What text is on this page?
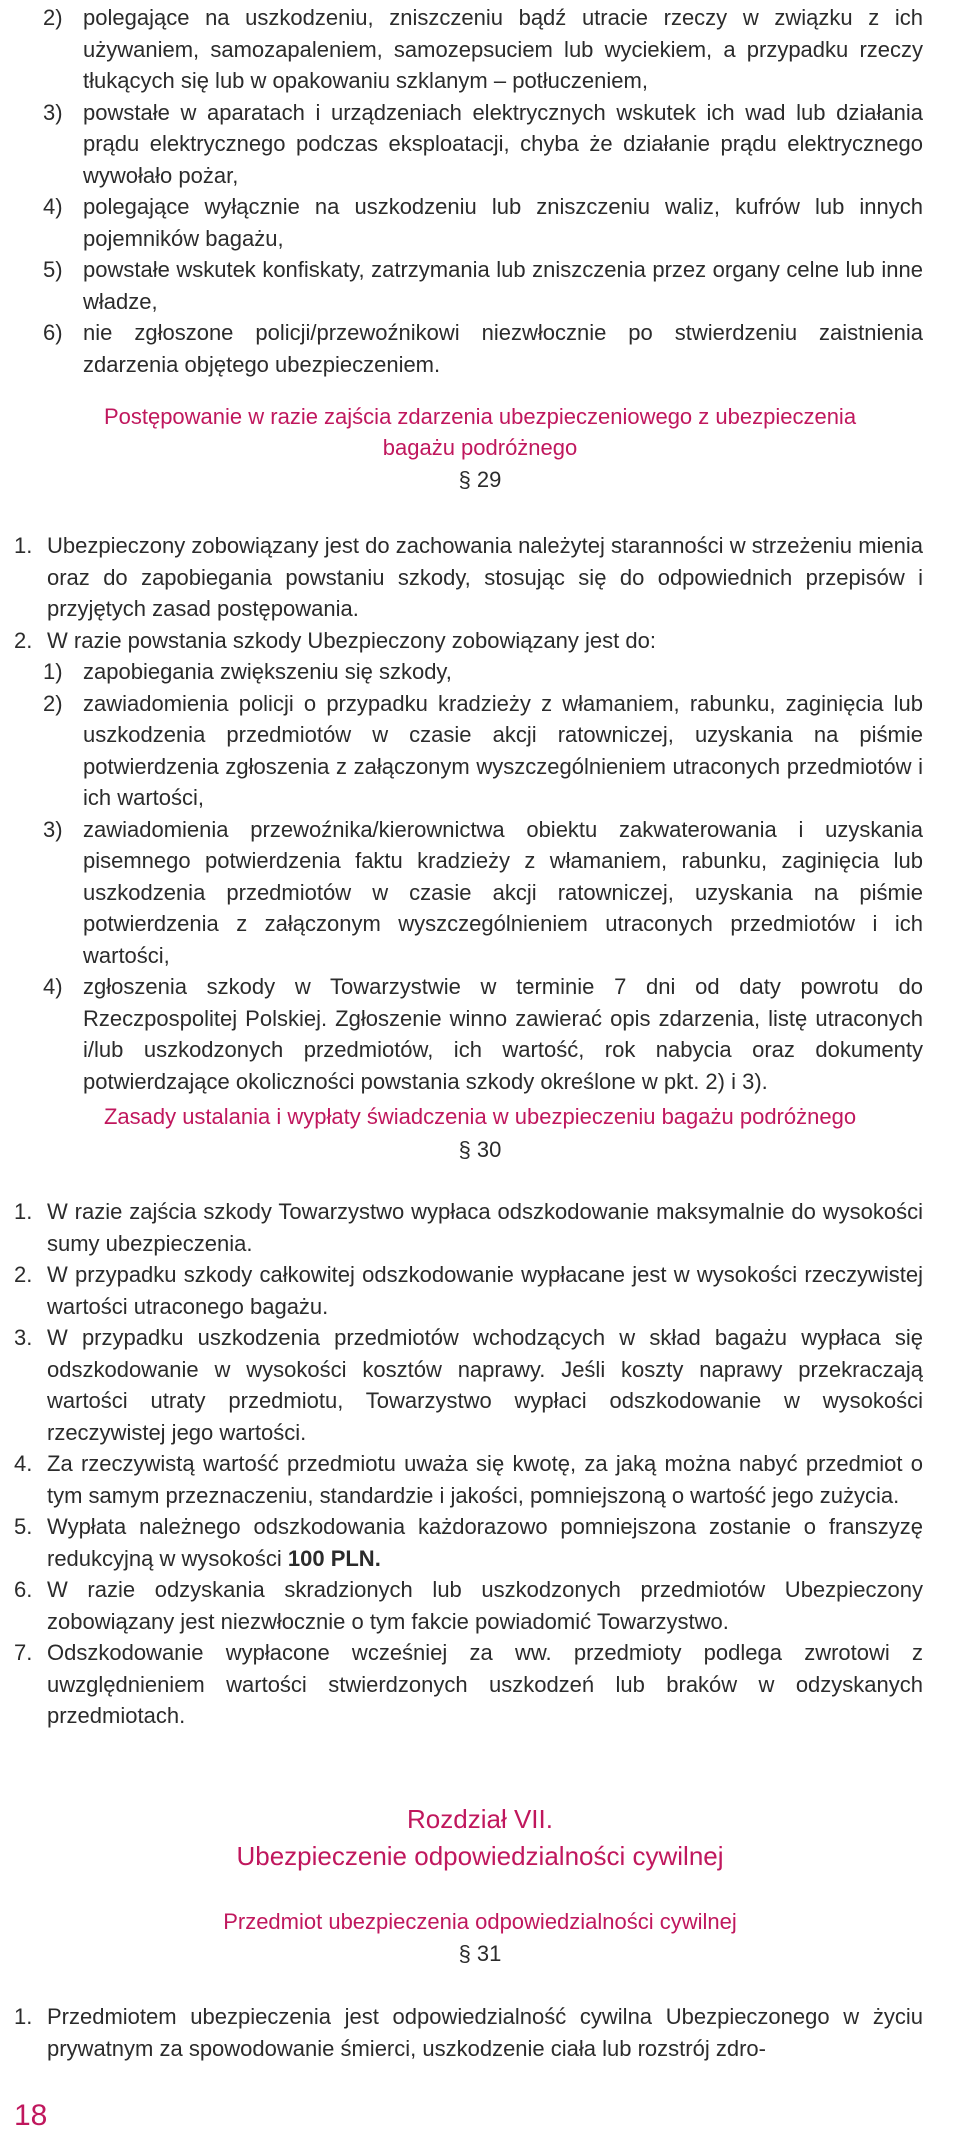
2) polegające na uszkodzeniu, zniszczeniu bądź utracie rzeczy w związku z ich używaniem, samozapaleniem, samozepsuciem lub wyciekiem, a przypadku rzeczy tłukących się lub w opakowaniu szklanym – potłuczeniem,
3) powstałe w aparatach i urządzeniach elektrycznych wskutek ich wad lub działania prądu elektrycznego podczas eksploatacji, chyba że działanie prądu elektrycznego wywołało pożar,
4) polegające wyłącznie na uszkodzeniu lub zniszczeniu waliz, kufrów lub innych pojemników bagażu,
5) powstałe wskutek konfiskaty, zatrzymania lub zniszczenia przez organy celne lub inne władze,
6) nie zgłoszone policji/przewoźnikowi niezwłocznie po stwierdzeniu zaistnienia zdarzenia objętego ubezpieczeniem.
Postępowanie w razie zajścia zdarzenia ubezpieczeniowego z ubezpieczenia
bagażu podróżnego
§ 29
1. Ubezpieczony zobowiązany jest do zachowania należytej staranności w strzeżeniu mienia oraz do zapobiegania powstaniu szkody, stosując się do odpowiednich przepisów i przyjętych zasad postępowania.
2. W razie powstania szkody Ubezpieczony zobowiązany jest do:
1) zapobiegania zwiększeniu się szkody,
2) zawiadomienia policji o przypadku kradzieży z włamaniem, rabunku, zaginięcia lub uszkodzenia przedmiotów w czasie akcji ratowniczej, uzyskania na piśmie potwierdzenia zgłoszenia z załączonym wyszczególnieniem utraconych przedmiotów i ich wartości,
3) zawiadomienia przewoźnika/kierownictwa obiektu zakwaterowania i uzyskania pisemnego potwierdzenia faktu kradzieży z włamaniem, rabunku, zaginięcia lub uszkodzenia przedmiotów w czasie akcji ratowniczej, uzyskania na piśmie potwierdzenia z załączonym wyszczególnieniem utraconych przedmiotów i ich wartości,
4) zgłoszenia szkody w Towarzystwie w terminie 7 dni od daty powrotu do Rzeczpospolitej Polskiej. Zgłoszenie winno zawierać opis zdarzenia, listę utraconych i/lub uszkodzonych przedmiotów, ich wartość, rok nabycia oraz dokumenty potwierdzające okoliczności powstania szkody określone w pkt. 2) i 3).
Zasady ustalania i wypłaty świadczenia w ubezpieczeniu bagażu podróżnego
§ 30
1. W razie zajścia szkody Towarzystwo wypłaca odszkodowanie maksymalnie do wysokości sumy ubezpieczenia.
2. W przypadku szkody całkowitej odszkodowanie wypłacane jest w wysokości rzeczywistej wartości utraconego bagażu.
3. W przypadku uszkodzenia przedmiotów wchodzących w skład bagażu wypłaca się odszkodowanie w wysokości kosztów naprawy. Jeśli koszty naprawy przekraczają wartości utraty przedmiotu, Towarzystwo wypłaci odszkodowanie w wysokości rzeczywistej jego wartości.
4. Za rzeczywistą wartość przedmiotu uważa się kwotę, za jaką można nabyć przedmiot o tym samym przeznaczeniu, standardzie i jakości, pomniejszoną o wartość jego zużycia.
5. Wypłata należnego odszkodowania każdorazowo pomniejszona zostanie o franszyzę redukcyjną w wysokości 100 PLN.
6. W razie odzyskania skradzionych lub uszkodzonych przedmiotów Ubezpieczony zobowiązany jest niezwłocznie o tym fakcie powiadomić Towarzystwo.
7. Odszkodowanie wypłacone wcześniej za ww. przedmioty podlega zwrotowi z uwzględnieniem wartości stwierdzonych uszkodzeń lub braków w odzyskanych przedmiotach.
Rozdział VII.
Ubezpieczenie odpowiedzialności cywilnej
Przedmiot ubezpieczenia odpowiedzialności cywilnej
§ 31
1. Przedmiotem ubezpieczenia jest odpowiedzialność cywilna Ubezpieczonego w życiu prywatnym za spowodowanie śmierci, uszkodzenie ciała lub rozstrój zdro-
18
